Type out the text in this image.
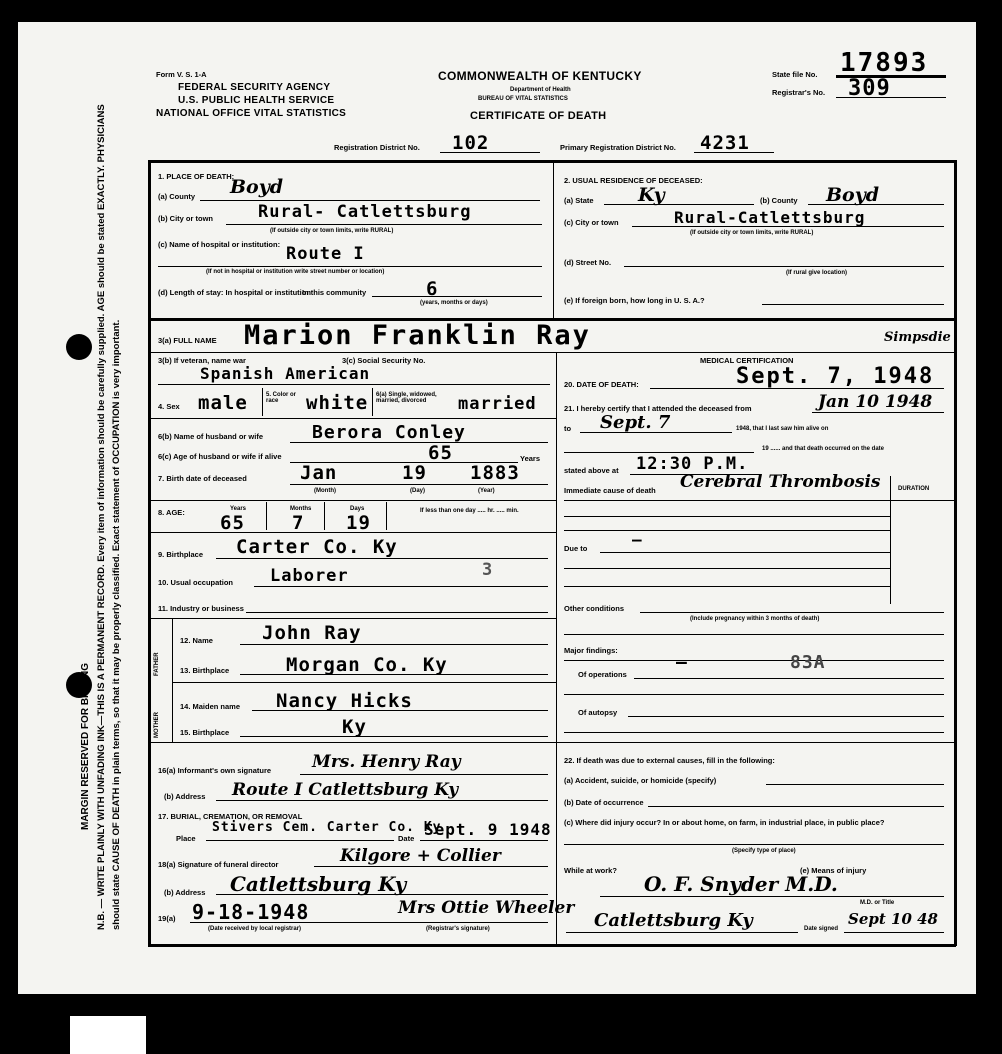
MARGIN RESERVED FOR BINDING N.B. — WRITE PLAINLY WITH UNFADING INK—THIS IS A PERMANENT RECORD. Every item of information should be carefully supplied. AGE should be stated EXACTLY. PHYSICIANS should state CAUSE OF DEATH in plain terms, so that it may be properly classified. Exact statement of OCCUPATION is very important.
Form V. S. 1-A
FEDERAL SECURITY AGENCY
U.S. PUBLIC HEALTH SERVICE
NATIONAL OFFICE VITAL STATISTICS
COMMONWEALTH OF KENTUCKY
Department of Health
BUREAU OF VITAL STATISTICS
CERTIFICATE OF DEATH
State file No. 17893
Registrar's No. 309
Registration District No. 102	Primary Registration District No. 4231
1. PLACE OF DEATH:
(a) County Boyd
(b) City or town	Rural- Catlettsburg
(If outside city or town limits, write RURAL)
(c) Name of hospital or institution: Route I
(If not in hospital or institution write street number or location)
(d) Length of stay: In hospital or institution
In this community	6
(years, months or days)
2. USUAL RESIDENCE OF DECEASED:
(a) State Ky	(b) County Boyd
(c) City or town	Rural-Catlettsburg
(If outside city or town limits, write RURAL)
(d) Street No.
(If rural give location)
(e) If foreign born, how long in U. S. A.?
3(a) FULL NAME Marion Franklin Ray	Simpsdie
3(b) If veteran, name war	3(c) Social Security No.
Spanish American
4. Sex male	5. Color or race	white 6(a) Single, widowed, married, divorced	married
6(b) Name of husband or wife	Berora Conley
6(c) Age of husband or wife if alive	65	Years
7. Birth date of deceased	Jan	19 1883
(Month)	(Day)	(Year)
8. AGE:	Years
65
Months
7
Days
19
If less than one day ..... hr. ..... min.
9. Birthplace Carter Co. Ky
10. Usual occupation Laborer	3
11. Industry or business
FATHER
MOTHER
12. Name	John Ray
13. Birthplace	Morgan Co. Ky
14. Maiden name Nancy Hicks
15. Birthplace	Ky
16(a) Informant's own signature Mrs. Henry Ray
(b) Address Route I Catlettsburg Ky
17. BURIAL, CREMATION, OR REMOVAL
Place
Stivers Cem. Carter Co. Ky
Date Sept. 9 1948
18(a) Signature of funeral director	Kilgore + Collier
(b) Address Catlettsburg Ky
19(a) 9-18-1948	Mrs Ottie Wheeler
(Date received by local registrar)	(Registrar's signature)
MEDICAL CERTIFICATION
20. DATE OF DEATH:	Sept. 7, 1948
21. I hereby certify that I attended the deceased from	Jan 10 1948
to Sept. 7	1948, that I last saw him alive on
19 ...... and that death occurred on the date
stated above at 12:30 P.M.
Immediate cause of death Cerebral Thrombosis	DURATION
Due to	—
Other conditions
(Include pregnancy within 3 months of death)
Major findings:
Of operations
–	83A
Of autopsy
22. If death was due to external causes, fill in the following:
(a) Accident, suicide, or homicide (specify)
(b) Date of occurrence
(c) Where did injury occur? In or about home, on farm, in industrial place, in public place?
(Specify type of place)
While at work?	(e) Means of injury
O. F. Snyder M.D.
M.D. or Title
Catlettsburg Ky	Date signed
Sept 10 48
